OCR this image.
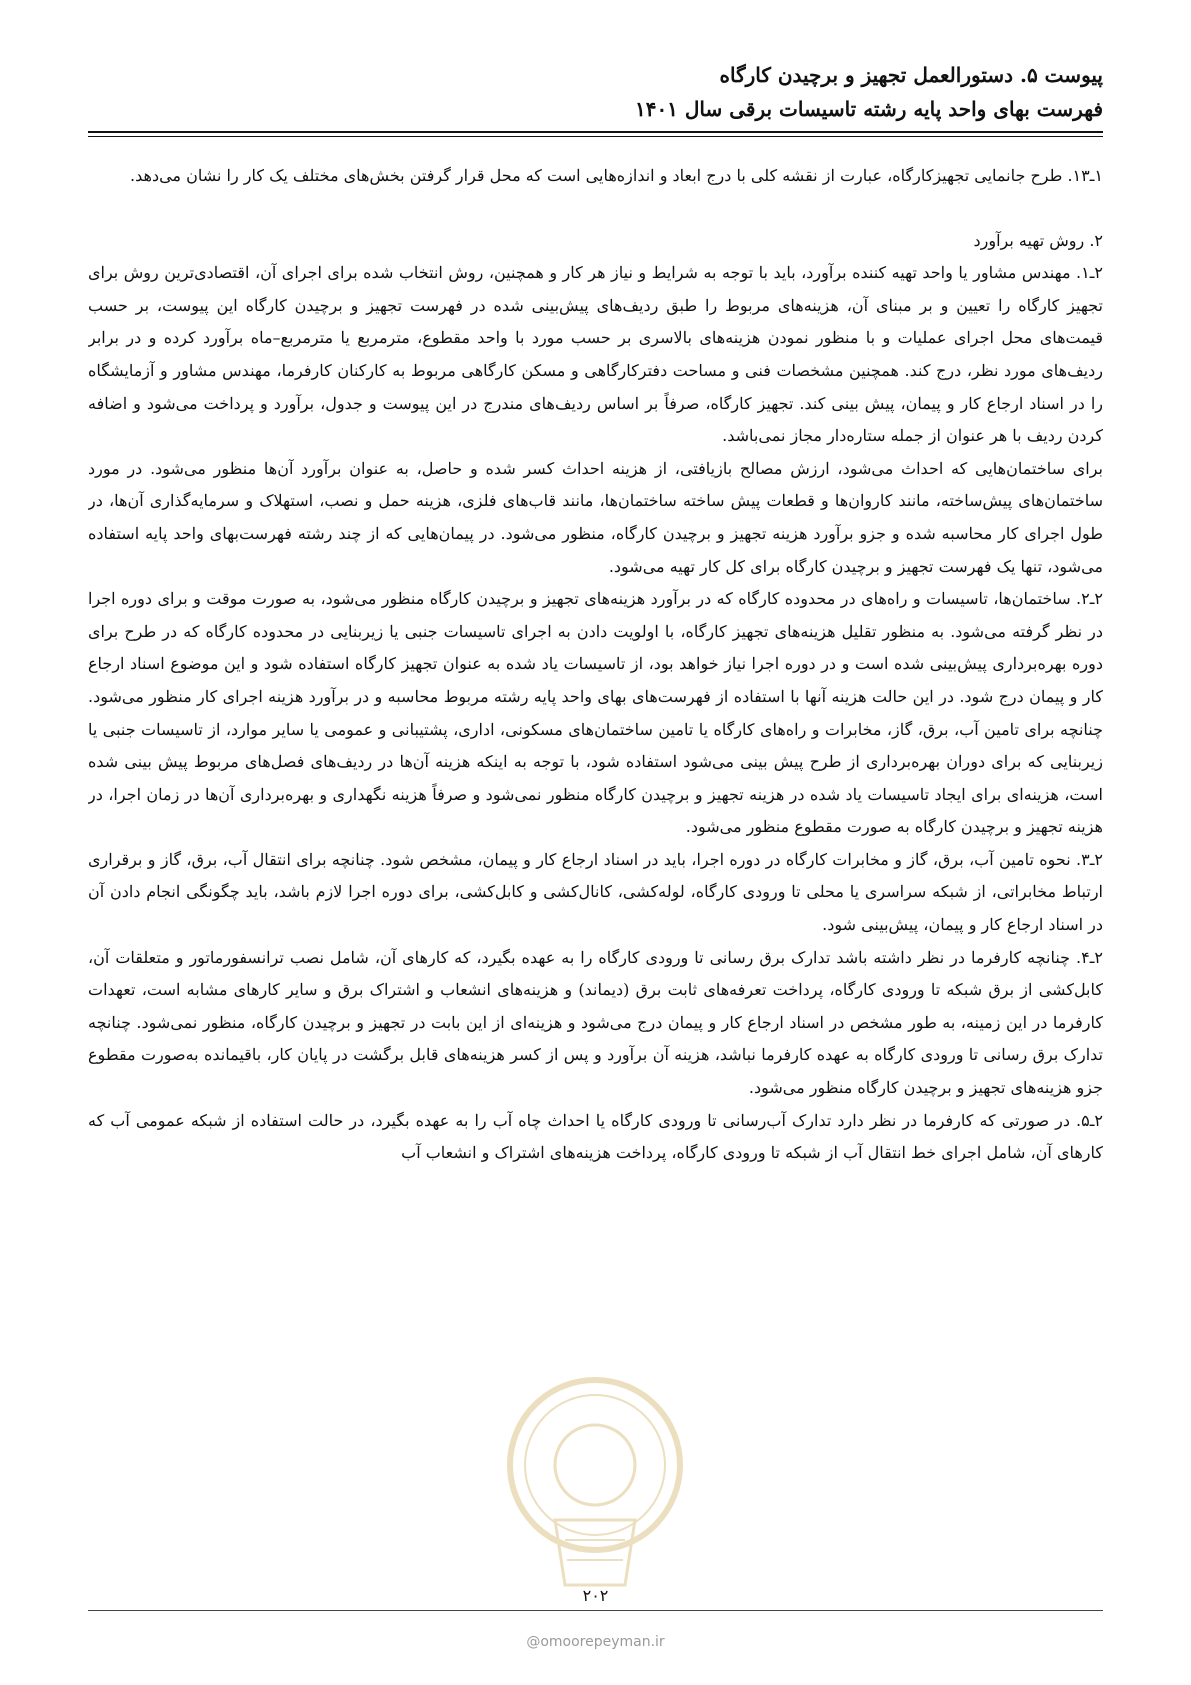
پیوست ۵. دستورالعمل تجهیز و برچیدن کارگاه
فهرست بهای واحد پایه رشته تاسیسات برقی سال ۱۴۰۱

۱ـ۱۳. طرح جانمایی تجهیزکارگاه، عبارت از نقشه کلی با درج ابعاد و اندازه‌هایی است که محل قرار گرفتن بخش‌های مختلف یک کار را نشان می‌دهد.

۲. روش تهیه برآورد

۲ـ۱. مهندس مشاور یا واحد تهیه کننده برآورد، باید با توجه به شرایط و نیاز هر کار و همچنین، روش انتخاب شده برای اجرای آن، اقتصادی‌ترین روش برای تجهیز کارگاه را تعیین و بر مبنای آن، هزینه‌های مربوط را طبق ردیف‌های پیش‌بینی شده در فهرست تجهیز و برچیدن کارگاه این پیوست، بر حسب قیمت‌های محل اجرای عملیات و با منظور نمودن هزینه‌های بالاسری بر حسب مورد با واحد مقطوع، مترمربع یا مترمربع–ماه برآورد کرده و در برابر ردیف‌های مورد نظر، درج کند. همچنین مشخصات فنی و مساحت دفترکارگاهی و مسکن کارگاهی مربوط به کارکنان کارفرما، مهندس مشاور و آزمایشگاه را در اسناد ارجاع کار و پیمان، پیش بینی کند. تجهیز کارگاه، صرفاً بر اساس ردیف‌های مندرج در این پیوست و جدول، برآورد و پرداخت می‌شود و اضافه کردن ردیف با هر عنوان از جمله ستاره‌دار مجاز نمی‌باشد.

برای ساختمان‌هایی که احداث می‌شود، ارزش مصالح بازیافتی، از هزینه احداث کسر شده و حاصل، به عنوان برآورد آن‌ها منظور می‌شود. در مورد ساختمان‌های پیش‌ساخته، مانند کاروان‌ها و قطعات پیش ساخته ساختمان‌ها، مانند قاب‌های فلزی، هزینه حمل و نصب، استهلاک و سرمایه‌گذاری آن‌ها، در طول اجرای کار محاسبه شده و جزو برآورد هزینه تجهیز و برچیدن کارگاه، منظور می‌شود. در پیمان‌هایی که از چند رشته فهرست‌بهای واحد پایه استفاده می‌شود، تنها یک فهرست تجهیز و برچیدن کارگاه برای کل کار تهیه می‌شود.

۲ـ۲. ساختمان‌ها، تاسیسات و راه‌های در محدوده کارگاه که در برآورد هزینه‌های تجهیز و برچیدن کارگاه منظور می‌شود، به صورت موقت و برای دوره اجرا در نظر گرفته می‌شود. به منظور تقلیل هزینه‌های تجهیز کارگاه، با اولویت دادن به اجرای تاسیسات جنبی یا زیربنایی در محدوده کارگاه که در طرح برای دوره بهره‌برداری پیش‌بینی شده است و در دوره اجرا نیاز خواهد بود، از تاسیسات یاد شده به عنوان تجهیز کارگاه استفاده شود و این موضوع اسناد ارجاع کار و پیمان درج شود. در این حالت هزینه آنها با استفاده از فهرست‌های بهای واحد پایه رشته مربوط محاسبه و در برآورد هزینه اجرای کار منظور می‌شود. چنانچه برای تامین آب، برق، گاز، مخابرات و راه‌های کارگاه یا تامین ساختمان‌های مسکونی، اداری، پشتیبانی و عمومی یا سایر موارد، از تاسیسات جنبی یا زیربنایی که برای دوران بهره‌برداری از طرح پیش بینی می‌شود استفاده شود، با توجه به اینکه هزینه آن‌ها در ردیف‌های فصل‌های مربوط پیش بینی شده است، هزینه‌ای برای ایجاد تاسیسات یاد شده در هزینه تجهیز و برچیدن کارگاه منظور نمی‌شود و صرفاً هزینه نگهداری و بهره‌برداری آن‌ها در زمان اجرا، در هزینه تجهیز و برچیدن کارگاه به صورت مقطوع منظور می‌شود.

۲ـ۳. نحوه تامین آب، برق، گاز و مخابرات کارگاه در دوره اجرا، باید در اسناد ارجاع کار و پیمان، مشخص شود. چنانچه برای انتقال آب، برق، گاز و برقراری ارتباط مخابراتی، از شبکه سراسری یا محلی تا ورودی کارگاه، لوله‌کشی، کانال‌کشی و کابل‌کشی، برای دوره اجرا لازم باشد، باید چگونگی انجام دادن آن در اسناد ارجاع کار و پیمان، پیش‌بینی شود.

۲ـ۴. چنانچه کارفرما در نظر داشته باشد تدارک برق رسانی تا ورودی کارگاه را به عهده بگیرد، که کارهای آن، شامل نصب ترانسفورماتور و متعلقات آن، کابل‌کشی از برق شبکه تا ورودی کارگاه، پرداخت تعرفه‌های ثابت برق (دیماند) و هزینه‌های انشعاب و اشتراک برق و سایر کارهای مشابه است، تعهدات کارفرما در این زمینه، به طور مشخص در اسناد ارجاع کار و پیمان درج می‌شود و هزینه‌ای از این بابت در تجهیز و برچیدن کارگاه، منظور نمی‌شود. چنانچه تدارک برق رسانی تا ورودی کارگاه به عهده کارفرما نباشد، هزینه آن برآورد و پس از کسر هزینه‌های قابل برگشت در پایان کار، باقیمانده به‌صورت مقطوع جزو هزینه‌های تجهیز و برچیدن کارگاه منظور می‌شود.

۲ـ۵. در صورتی که کارفرما در نظر دارد تدارک آب‌رسانی تا ورودی کارگاه یا احداث چاه آب را به عهده بگیرد، در حالت استفاده از شبکه عمومی آب که کارهای آن، شامل اجرای خط انتقال آب از شبکه تا ورودی کارگاه، پرداخت هزینه‌های اشتراک و انشعاب آب

۲۰۲
@omoorepeyman.ir
